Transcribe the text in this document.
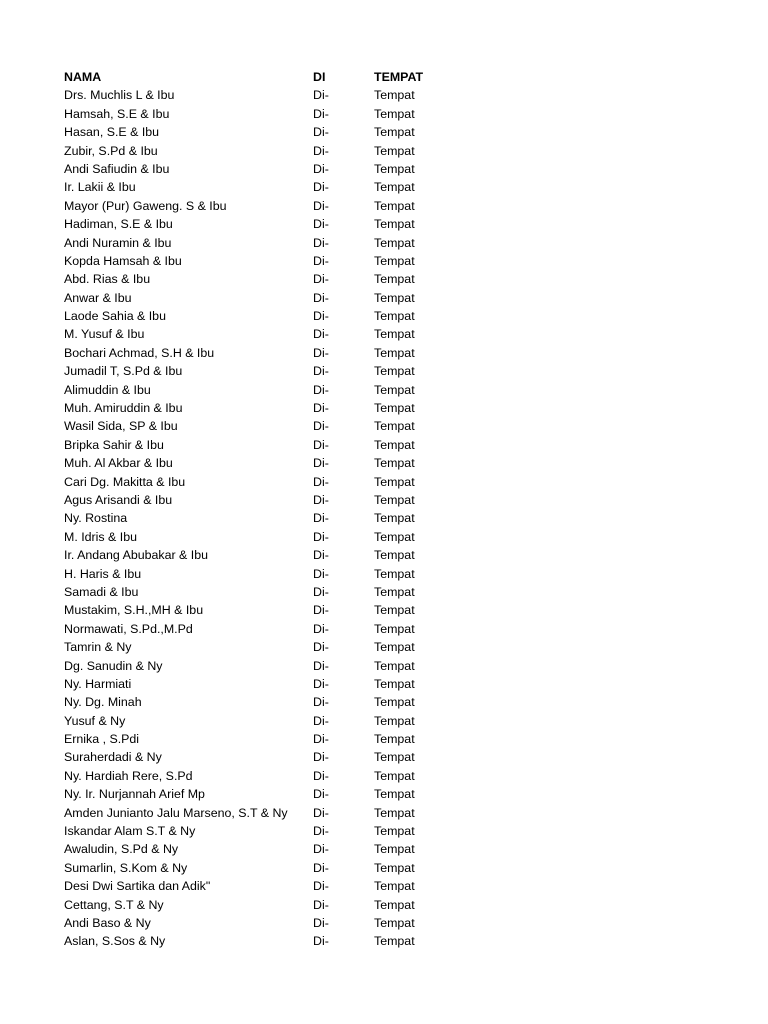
NAMA	DI	TEMPAT
Drs. Muchlis L & Ibu	Di-	Tempat
Hamsah, S.E & Ibu	Di-	Tempat
Hasan, S.E & Ibu	Di-	Tempat
Zubir, S.Pd & Ibu	Di-	Tempat
Andi Safiudin & Ibu	Di-	Tempat
Ir. Lakii & Ibu	Di-	Tempat
Mayor (Pur) Gaweng. S & Ibu	Di-	Tempat
Hadiman, S.E & Ibu	Di-	Tempat
Andi Nuramin & Ibu	Di-	Tempat
Kopda Hamsah & Ibu	Di-	Tempat
Abd. Rias & Ibu	Di-	Tempat
Anwar & Ibu	Di-	Tempat
Laode Sahia & Ibu	Di-	Tempat
M. Yusuf & Ibu	Di-	Tempat
Bochari Achmad, S.H & Ibu	Di-	Tempat
Jumadil T, S.Pd & Ibu	Di-	Tempat
Alimuddin & Ibu	Di-	Tempat
Muh. Amiruddin & Ibu	Di-	Tempat
Wasil Sida, SP & Ibu	Di-	Tempat
Bripka Sahir & Ibu	Di-	Tempat
Muh. Al Akbar & Ibu	Di-	Tempat
Cari Dg. Makitta & Ibu	Di-	Tempat
Agus Arisandi & Ibu	Di-	Tempat
Ny. Rostina	Di-	Tempat
M. Idris & Ibu	Di-	Tempat
Ir. Andang Abubakar & Ibu	Di-	Tempat
H. Haris & Ibu	Di-	Tempat
Samadi & Ibu	Di-	Tempat
Mustakim, S.H.,MH & Ibu	Di-	Tempat
Normawati, S.Pd.,M.Pd	Di-	Tempat
Tamrin & Ny	Di-	Tempat
Dg. Sanudin & Ny	Di-	Tempat
Ny. Harmiati	Di-	Tempat
Ny. Dg. Minah	Di-	Tempat
Yusuf & Ny	Di-	Tempat
Ernika , S.Pdi	Di-	Tempat
Suraherdadi & Ny	Di-	Tempat
Ny. Hardiah Rere, S.Pd	Di-	Tempat
Ny. Ir. Nurjannah Arief Mp	Di-	Tempat
Amden Junianto Jalu Marseno, S.T & Ny	Di-	Tempat
Iskandar Alam S.T & Ny	Di-	Tempat
Awaludin, S.Pd & Ny	Di-	Tempat
Sumarlin, S.Kom & Ny	Di-	Tempat
Desi Dwi Sartika dan Adik"	Di-	Tempat
Cettang, S.T & Ny	Di-	Tempat
Andi Baso & Ny	Di-	Tempat
Aslan, S.Sos & Ny	Di-	Tempat
